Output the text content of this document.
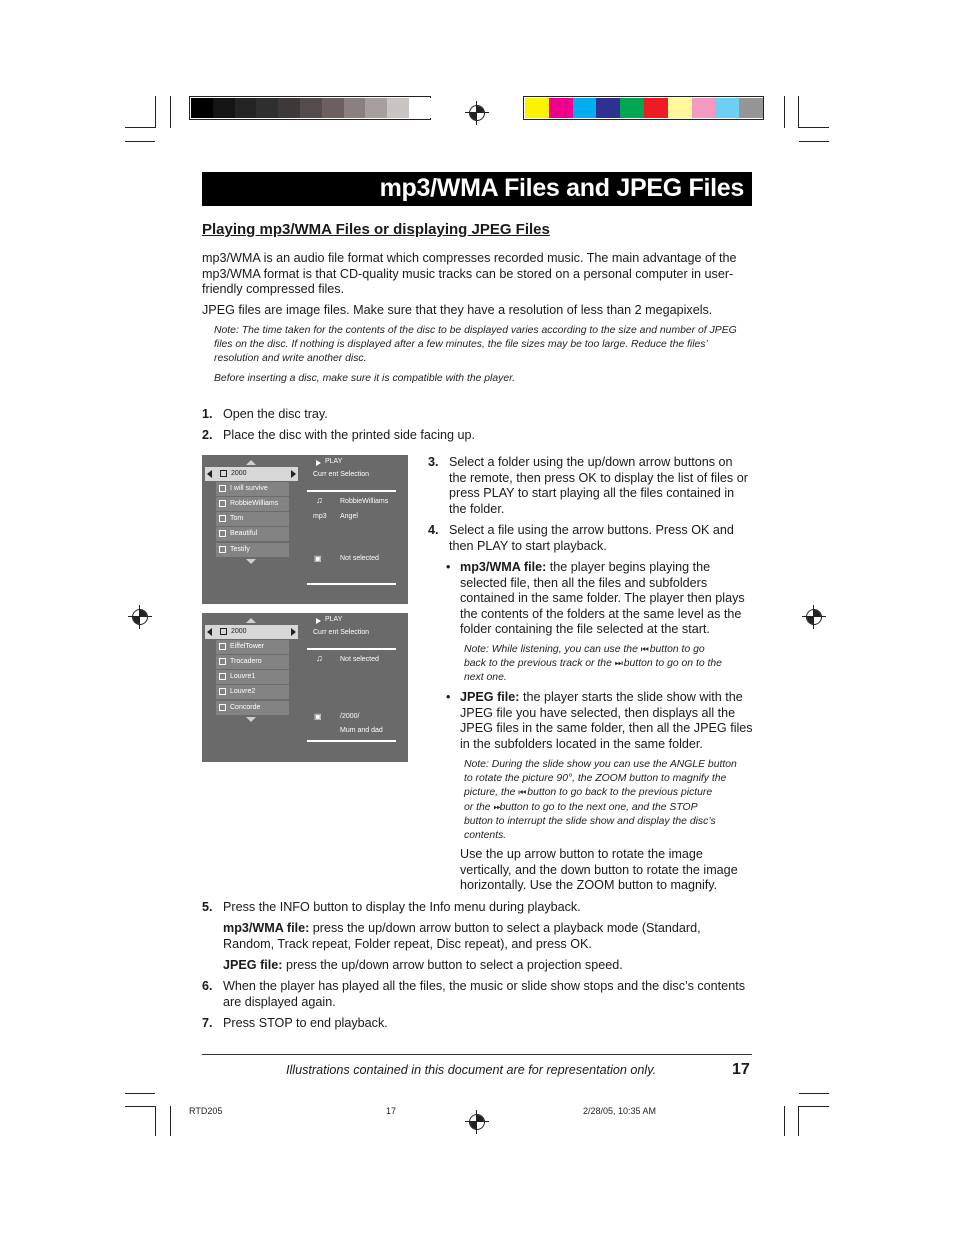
mp3/WMA Files and JPEG Files
Playing mp3/WMA Files or displaying JPEG Files
mp3/WMA is an audio file format which compresses recorded music. The main advantage of the
mp3/WMA format is that CD-quality music tracks can be stored on a personal computer in user-
friendly compressed files.
JPEG files are image files. Make sure that they have a resolution of less than 2 megapixels.
Note: The time taken for the contents of the disc to be displayed varies according to the size and number of JPEG
files on the disc. If nothing is displayed after a few minutes, the file sizes may be too large. Reduce the files’
resolution and write another disc.
Before inserting a disc, make sure it is compatible with the player.
1. Open the disc tray.
2. Place the disc with the printed side facing up.
2000
I will survive
RobbieWilliams
Tom
Beautiful
Testify
PLAY
Curr ent Selection
♫ RobbieWilliams
mp3 Angel
▣	Not selected
2000
EiffelTower
Trocadero
Louvre1
Louvre2
Concorde
PLAY
Curr ent Selection
♫ Not selected
▣	/2000/
Mum and dad
3. Select a folder using the up/down arrow buttons on
the remote, then press OK to display the list of files or
press PLAY to start playing all the files contained in
the folder.
4. Select a file using the arrow buttons. Press OK and
then PLAY to start playback.
• mp3/WMA file: the player begins playing the
selected file, then all the files and subfolders
contained in the same folder. The player then plays
the contents of the folders at the same level as the
folder containing the file selected at the start.
Note: While listening, you can use the ⏮ button to go
back to the previous track or the ⏭ button to go on to the
next one.
• JPEG file: the player starts the slide show with the
JPEG file you have selected, then displays all the
JPEG files in the same folder, then all the JPEG files
in the subfolders located in the same folder.
Note: During the slide show you can use the ANGLE button
to rotate the picture 90°, the ZOOM button to magnify the
picture, the ⏮ button to go back to the previous picture
or the ⏭button to go to the next one, and the STOP
button to interrupt the slide show and display the disc’s
contents.
Use the up arrow button to rotate the image
vertically, and the down button to rotate the image
horizontally. Use the ZOOM button to magnify.
5. Press the INFO button to display the Info menu during playback.
mp3/WMA file: press the up/down arrow button to select a playback mode (Standard,
Random, Track repeat, Folder repeat, Disc repeat), and press OK.
JPEG file: press the up/down arrow button to select a projection speed.
6. When the player has played all the files, the music or slide show stops and the disc’s contents
are displayed again.
7. Press STOP to end playback.
Illustrations contained in this document are for representation only.	17
RTD205	17	2/28/05, 10:35 AM
